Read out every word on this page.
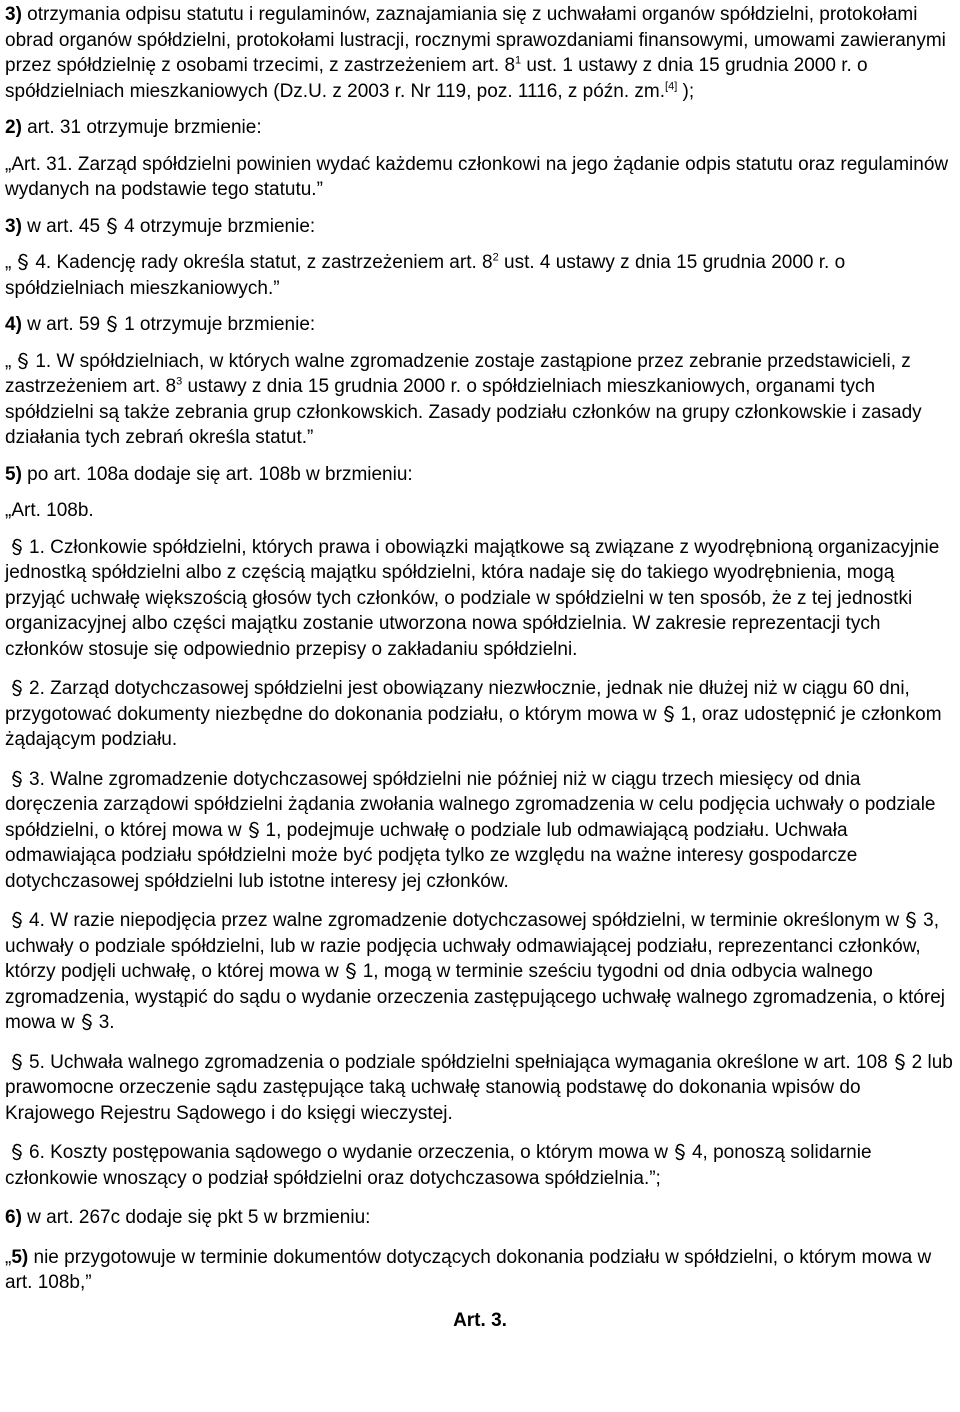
3) otrzymania odpisu statutu i regulaminów, zaznajamiania się z uchwałami organów spółdzielni, protokołami obrad organów spółdzielni, protokołami lustracji, rocznymi sprawozdaniami finansowymi, umowami zawieranymi przez spółdzielnię z osobami trzecimi, z zastrzeżeniem art. $8^1$ ust. 1 ustawy z dnia 15 grudnia 2000 r. o spółdzielniach mieszkaniowych (Dz.U. z 2003 r. Nr 119, poz. 1116, z późn. zm.[4] );

2) art. 31 otrzymuje brzmienie:

„Art. 31. Zarząd spółdzielni powinien wydać każdemu członkowi na jego żądanie odpis statutu oraz regulaminów wydanych na podstawie tego statutu.”

3) w art. 45 4 otrzymuje brzmienie:

„ 4. Kadencję rady określa statut, z zastrzeżeniem art. $8^2$ ust. 4 ustawy z dnia 15 grudnia 2000 r. o spółdzielniach mieszkaniowych.”

4) w art. 59 1 otrzymuje brzmienie:

„ 1. W spółdzielniach, w których walne zgromadzenie zostaje zastąpione przez zebranie przedstawicieli, z zastrzeżeniem art. $8^3$ ustawy z dnia 15 grudnia 2000 r. o spółdzielniach mieszkaniowych, organami tych spółdzielni są także zebrania grup członkowskich. Zasady podziału członków na grupy członkowskie i zasady działania tych zebrań określa statut.”

5) po art. 108a dodaje się art. 108b w brzmieniu:

„Art. 108b.

1. Członkowie spółdzielni, których prawa i obowiązki majątkowe są związane z wyodrębnioną organizacyjnie jednostką spółdzielni albo z częścią majątku spółdzielni, która nadaje się do takiego wyodrębnienia, mogą przyjąć uchwałę większością głosów tych członków, o podziale w spółdzielni w ten sposób, że z tej jednostki organizacyjnej albo części majątku zostanie utworzona nowa spółdzielnia. W zakresie reprezentacji tych członków stosuje się odpowiednio przepisy o zakładaniu spółdzielni.

2. Zarząd dotychczasowej spółdzielni jest obowiązany niezwłocznie, jednak nie dłużej niż w ciągu 60 dni, przygotować dokumenty niezbędne do dokonania podziału, o którym mowa w 1, oraz udostępnić je członkom żądającym podziału.

3. Walne zgromadzenie dotychczasowej spółdzielni nie później niż w ciągu trzech miesięcy od dnia doręczenia zarządowi spółdzielni żądania zwołania walnego zgromadzenia w celu podjęcia uchwały o podziale spółdzielni, o której mowa w 1, podejmuje uchwałę o podziale lub odmawiającą podziału. Uchwała odmawiająca podziału spółdzielni może być podjęta tylko ze względu na ważne interesy gospodarcze dotychczasowej spółdzielni lub istotne interesy jej członków.

4. W razie niepodjęcia przez walne zgromadzenie dotychczasowej spółdzielni, w terminie określonym w 3, uchwały o podziale spółdzielni, lub w razie podjęcia uchwały odmawiającej podziału, reprezentanci członków, którzy podjęli uchwałę, o której mowa w 1, mogą w terminie sześciu tygodni od dnia odbycia walnego zgromadzenia, wystąpić do sądu o wydanie orzeczenia zastępującego uchwałę walnego zgromadzenia, o której mowa w 3.

5. Uchwała walnego zgromadzenia o podziale spółdzielni spełniająca wymagania określone w art. 108 2 lub prawomocne orzeczenie sądu zastępujące taką uchwałę stanowią podstawę do dokonania wpisów do Krajowego Rejestru Sądowego i do księgi wieczystej.

6. Koszty postępowania sądowego o wydanie orzeczenia, o którym mowa w 4, ponoszą solidarnie członkowie wnoszący o podział spółdzielni oraz dotychczasowa spółdzielnia.”;

6) w art. 267c dodaje się pkt 5 w brzmieniu:

„5) nie przygotowuje w terminie dokumentów dotyczących dokonania podziału w spółdzielni, o którym mowa w art. 108b,”

Art. 3.
